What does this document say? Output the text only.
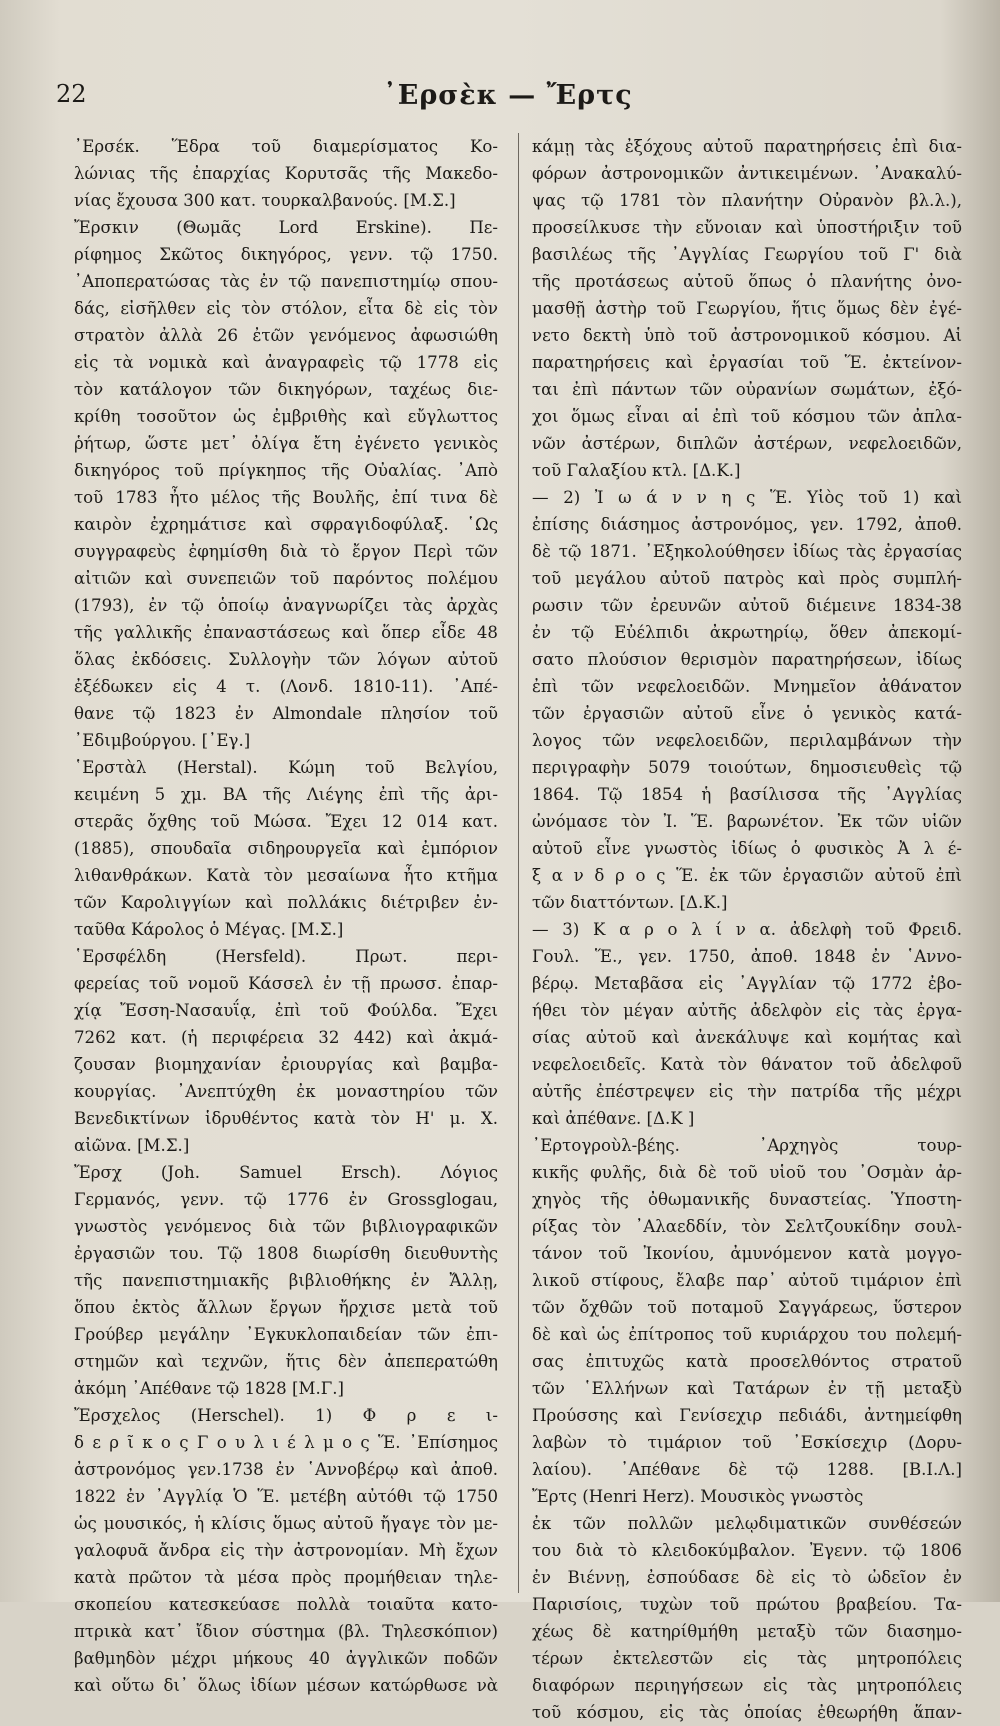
22	᾿Ερσὲκ — Ἔρτς
᾿Ερσέκ. Ἕδρα τοῦ διαμερίσματος Κο-
λώνιας τῆς ἐπαρχίας Κορυτσᾶς τῆς Μακεδο-
νίας ἔχουσα 300 κατ. τουρκαλβανούς. [Μ.Σ.]
Ἔρσκιν (Θωμᾶς Lord Erskine). Πε-
ρίφημος Σκῶτος δικηγόρος, γενν. τῷ 1750.
᾿Αποπερατώσας τὰς ἐν τῷ πανεπιστημίῳ σπου-
δάς, εἰσῆλθεν εἰς τὸν στόλον, εἶτα δὲ εἰς τὸν
στρατὸν ἀλλὰ 26 ἐτῶν γενόμενος ἀφωσιώθη
εἰς τὰ νομικὰ καὶ ἀναγραφεὶς τῷ 1778 εἰς
τὸν κατάλογον τῶν δικηγόρων, ταχέως διε-
κρίθη τοσοῦτον ὡς ἐμβριθὴς καὶ εὔγλωττος
ῥήτωρ, ὥστε μετ᾿ ὀλίγα ἔτη ἐγένετο γενικὸς
δικηγόρος τοῦ πρίγκηπος τῆς Οὐαλίας. ᾿Απὸ
τοῦ 1783 ἦτο μέλος τῆς Βουλῆς, ἐπί τινα δὲ
καιρὸν ἐχρημάτισε καὶ σφραγιδοφύλαξ. ῾Ως
συγγραφεὺς ἐφημίσθη διὰ τὸ ἔργον Περὶ τῶν
αἰτιῶν καὶ συνεπειῶν τοῦ παρόντος πολέμου
(1793), ἐν τῷ ὁποίῳ ἀναγνωρίζει τὰς ἀρχὰς
τῆς γαλλικῆς ἐπαναστάσεως καὶ ὅπερ εἶδε 48
ὅλας ἐκδόσεις. Συλλογὴν τῶν λόγων αὐτοῦ
ἐξέδωκεν εἰς 4 τ. (Λονδ. 1810-11). ᾿Απέ-
θανε τῷ 1823 ἐν Almondale πλησίον τοῦ
᾿Εδιμβούργου. [᾿Εγ.]
῾Ερστὰλ (Herstal). Κώμη τοῦ Βελγίου,
κειμένη 5 χμ. ΒΑ τῆς Λιέγης ἐπὶ τῆς ἀρι-
στερᾶς ὄχθης τοῦ Μώσα. Ἔχει 12 014 κατ.
(1885), σπουδαῖα σιδηρουργεῖα καὶ ἐμπόριον
λιθανθράκων. Κατὰ τὸν μεσαίωνα ἦτο κτῆμα
τῶν Καρολιγγίων καὶ πολλάκις διέτριβεν ἐν-
ταῦθα Κάρολος ὁ Μέγας. [Μ.Σ.]
῾Ερσφέλδη (Hersfeld). Πρωτ. περι-
φερείας τοῦ νομοῦ Κάσσελ ἐν τῇ πρωσσ. ἐπαρ-
χίᾳ Ἔσση-Νασαυΐᾳ, ἐπὶ τοῦ Φούλδα. Ἔχει
7262 κατ. (ἡ περιφέρεια 32 442) καὶ ἀκμά-
ζουσαν βιομηχανίαν ἐριουργίας καὶ βαμβα-
κουργίας. ᾿Ανεπτύχθη ἐκ μοναστηρίου τῶν
Βενεδικτίνων ἱδρυθέντος κατὰ τὸν Η' μ. Χ.
αἰῶνα. [Μ.Σ.]
Ἔρσχ (Joh. Samuel Ersch). Λόγιος
Γερμανός, γενν. τῷ 1776 ἐν Grossglogau,
γνωστὸς γενόμενος διὰ τῶν βιβλιογραφικῶν
ἐργασιῶν του. Τῷ 1808 διωρίσθη διευθυντὴς
τῆς πανεπιστημιακῆς βιβλιοθήκης ἐν Ἄλλῃ,
ὅπου ἐκτὸς ἄλλων ἔργων ἤρχισε μετὰ τοῦ
Γρούβερ μεγάλην ᾿Εγκυκλοπαιδείαν τῶν ἐπι-
στημῶν καὶ τεχνῶν, ἥτις δὲν ἀπεπερατώθη
ἀκόμη ᾿Απέθανε τῷ 1828 [Μ.Γ.]
Ἔρσχελος (Herschel). 1) Φ ρ ε ι-
δ ε ρ ῖ κ ο ς Γ ο υ λ ι έ λ μ ο ς Ἕ. ᾿Επίσημος
ἀστρονόμος γεν.1738 ἐν ῾Αννοβέρῳ καὶ ἀποθ.
1822 ἐν ᾿Αγγλίᾳ Ὁ Ἕ. μετέβη αὐτόθι τῷ 1750
ὡς μουσικός, ἡ κλίσις ὅμως αὐτοῦ ἤγαγε τὸν με-
γαλοφυᾶ ἄνδρα εἰς τὴν ἀστρονομίαν. Μὴ ἔχων
κατὰ πρῶτον τὰ μέσα πρὸς προμήθειαν τηλε-
σκοπείου κατεσκεύασε πολλὰ τοιαῦτα κατο-
πτρικὰ κατ᾿ ἴδιον σύστημα (βλ. Τηλεσκόπιον)
βαθμηδὸν μέχρι μήκους 40 ἀγγλικῶν ποδῶν
καὶ οὕτω δι᾿ ὅλως ἰδίων μέσων κατώρθωσε νὰ
κάμῃ τὰς ἐξόχους αὐτοῦ παρατηρήσεις ἐπὶ δια-
φόρων ἀστρονομικῶν ἀντικειμένων. ᾿Ανακαλύ-
ψας τῷ 1781 τὸν πλανήτην Οὐρανὸν βλ.λ.),
προσείλκυσε τὴν εὔνοιαν καὶ ὑποστήριξιν τοῦ
βασιλέως τῆς ᾿Αγγλίας Γεωργίου τοῦ Γ' διὰ
τῆς προτάσεως αὐτοῦ ὅπως ὁ πλανήτης ὀνο-
μασθῇ ἀστὴρ τοῦ Γεωργίου, ἥτις ὅμως δὲν ἐγέ-
νετο δεκτὴ ὑπὸ τοῦ ἀστρονομικοῦ κόσμου. Αἱ
παρατηρήσεις καὶ ἐργασίαι τοῦ Ἕ. ἐκτείνον-
ται ἐπὶ πάντων τῶν οὐρανίων σωμάτων, ἐξό-
χοι ὅμως εἶναι αἱ ἐπὶ τοῦ κόσμου τῶν ἀπλα-
νῶν ἀστέρων, διπλῶν ἀστέρων, νεφελοειδῶν,
τοῦ Γαλαξίου κτλ. [Δ.Κ.]
— 2) Ἰ ω ά ν ν η ς Ἕ. Υἱὸς τοῦ 1) καὶ
ἐπίσης διάσημος ἀστρονόμος, γεν. 1792, ἀποθ.
δὲ τῷ 1871. ᾿Εξηκολούθησεν ἰδίως τὰς ἐργασίας
τοῦ μεγάλου αὐτοῦ πατρὸς καὶ πρὸς συμπλή-
ρωσιν τῶν ἐρευνῶν αὐτοῦ διέμεινε 1834-38
ἐν τῷ Εὐέλπιδι ἀκρωτηρίῳ, ὅθεν ἀπεκομί-
σατο πλούσιον θερισμὸν παρατηρήσεων, ἰδίως
ἐπὶ τῶν νεφελοειδῶν. Μνημεῖον ἀθάνατον
τῶν ἐργασιῶν αὐτοῦ εἶνε ὁ γενικὸς κατά-
λογος τῶν νεφελοειδῶν, περιλαμβάνων τὴν
περιγραφὴν 5079 τοιούτων, δημοσιευθεὶς τῷ
1864. Τῷ 1854 ἡ βασίλισσα τῆς ᾿Αγγλίας
ὠνόμασε τὸν Ἰ. Ἕ. βαρωνέτον. Ἐκ τῶν υἱῶν
αὐτοῦ εἶνε γνωστὸς ἰδίως ὁ φυσικὸς Ἀ λ έ-
ξ α ν δ ρ ο ς Ἕ. ἐκ τῶν ἐργασιῶν αὐτοῦ ἐπὶ
τῶν διαττόντων. [Δ.Κ.]
— 3) Κ α ρ ο λ ί ν α. ἀδελφὴ τοῦ Φρειδ.
Γουλ. Ἕ., γεν. 1750, ἀποθ. 1848 ἐν ῾Αννο-
βέρῳ. Μεταβᾶσα εἰς ᾿Αγγλίαν τῷ 1772 ἐβο-
ήθει τὸν μέγαν αὐτῆς ἀδελφὸν εἰς τὰς ἐργα-
σίας αὐτοῦ καὶ ἀνεκάλυψε καὶ κομήτας καὶ
νεφελοειδεῖς. Κατὰ τὸν θάνατον τοῦ ἀδελφοῦ
αὐτῆς ἐπέστρεψεν εἰς τὴν πατρίδα τῆς μέχρι
καὶ ἀπέθανε. [Δ.Κ ]
᾿Ερτογροὺλ-βέης. ᾿Αρχηγὸς τουρ-
κικῆς φυλῆς, διὰ δὲ τοῦ υἱοῦ του ᾿Οσμὰν ἀρ-
χηγὸς τῆς ὀθωμανικῆς δυναστείας. Ὑποστη-
ρίξας τὸν ᾿Αλαεδδίν, τὸν Σελτζουκίδην σουλ-
τάνον τοῦ Ἰκονίου, ἀμυνόμενον κατὰ μογγο-
λικοῦ στίφους, ἔλαβε παρ᾿ αὐτοῦ τιμάριον ἐπὶ
τῶν ὄχθῶν τοῦ ποταμοῦ Σαγγάρεως, ὕστερον
δὲ καὶ ὡς ἐπίτροπος τοῦ κυριάρχου του πολεμή-
σας ἐπιτυχῶς κατὰ προσελθόντος στρατοῦ
τῶν ῾Ελλήνων καὶ Τατάρων ἐν τῇ μεταξὺ
Προύσσης καὶ Γενίσεχιρ πεδιάδι, ἀντημείφθη
λαβὼν τὸ τιμάριον τοῦ ᾿Εσκίσεχιρ (Δορυ-
λαίου). ᾿Απέθανε δὲ τῷ 1288. [Β.Ι.Λ.]
Ἔρτς (Henri Herz). Μουσικὸς γνωστὸς
ἐκ τῶν πολλῶν μελῳδιματικῶν συνθέσεών
του διὰ τὸ κλειδοκύμβαλον. Ἐγενν. τῷ 1806
ἐν Βιέννῃ, ἐσπούδασε δὲ εἰς τὸ ὠδεῖον ἐν
Παρισίοις, τυχὼν τοῦ πρώτου βραβείου. Τα-
χέως δὲ κατηρίθμήθη μεταξὺ τῶν διασημο-
τέρων ἐκτελεστῶν εἰς τὰς μητροπόλεις
διαφόρων περιηγήσεων εἰς τὰς μητροπόλεις
τοῦ κόσμου, εἰς τὰς ὁποίας ἐθεωρήθη ἅπαν-
